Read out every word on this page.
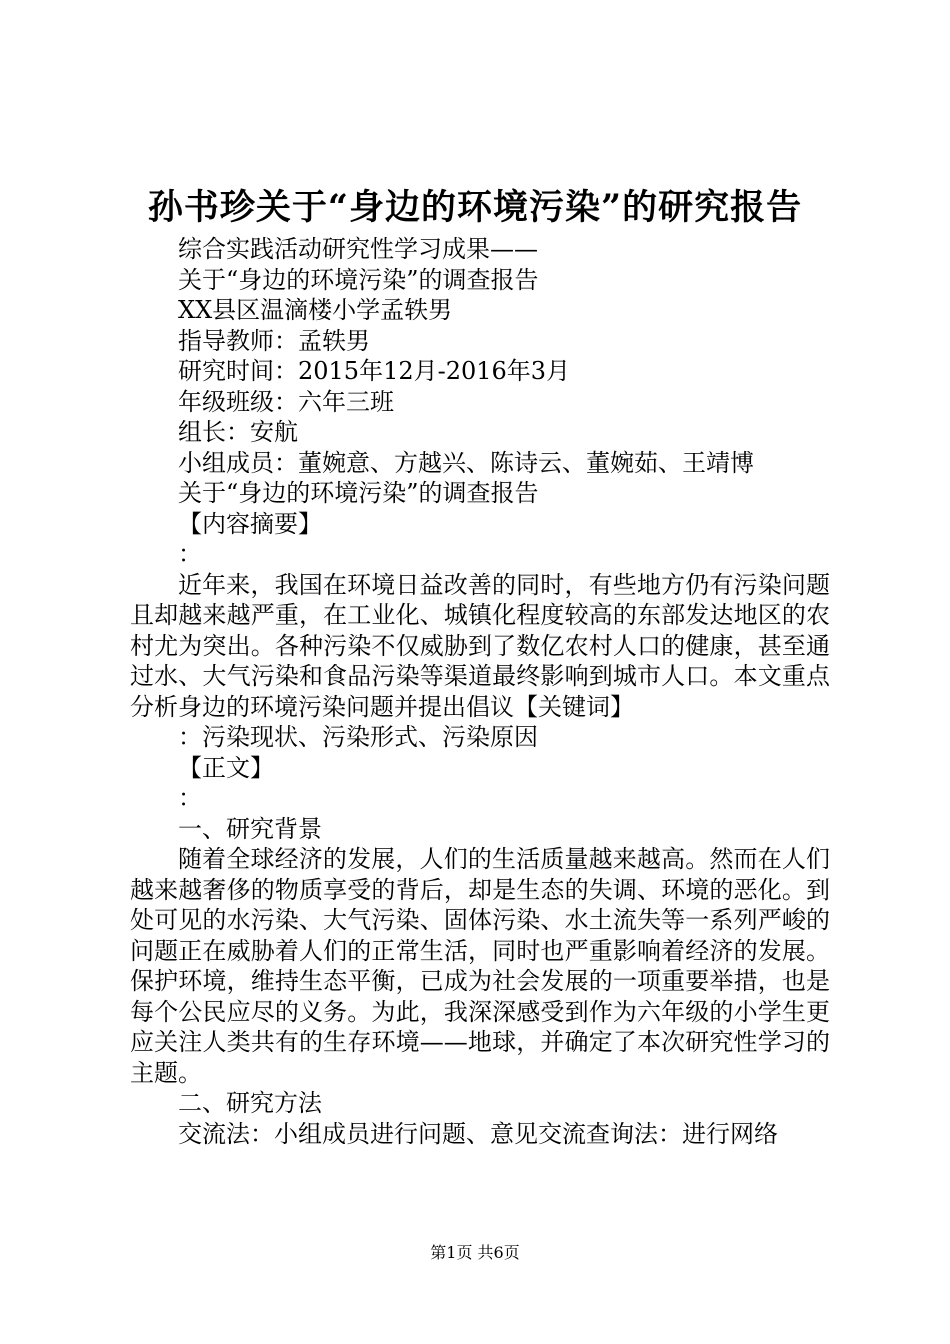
孙书珍关于“身边的环境污染”的研究报告
综合实践活动研究性学习成果——
关于“身边的环境污染”的调查报告
XX县区温滴楼小学孟轶男
指导教师：孟轶男
研究时间：2015年12月-2016年3月
年级班级：六年三班
组长：安航
小组成员：董婉意、方越兴、陈诗云、董婉茹、王靖博
关于“身边的环境污染”的调查报告
【内容摘要】
：
近年来，我国在环境日益改善的同时，有些地方仍有污染问题且却越来越严重，在工业化、城镇化程度较高的东部发达地区的农村尤为突出。各种污染不仅威胁到了数亿农村人口的健康，甚至通过水、大气污染和食品污染等渠道最终影响到城市人口。本文重点分析身边的环境污染问题并提出倡议【关键词】
：污染现状、污染形式、污染原因
【正文】
：
一、研究背景
随着全球经济的发展，人们的生活质量越来越高。然而在人们越来越奢侈的物质享受的背后，却是生态的失调、环境的恶化。到处可见的水污染、大气污染、固体污染、水土流失等一系列严峻的问题正在威胁着人们的正常生活，同时也严重影响着经济的发展。保护环境，维持生态平衡，已成为社会发展的一项重要举措，也是每个公民应尽的义务。为此，我深深感受到作为六年级的小学生更应关注人类共有的生存环境——地球，并确定了本次研究性学习的主题。
二、研究方法
交流法：小组成员进行问题、意见交流查询法：进行网络
第1页 共6页
